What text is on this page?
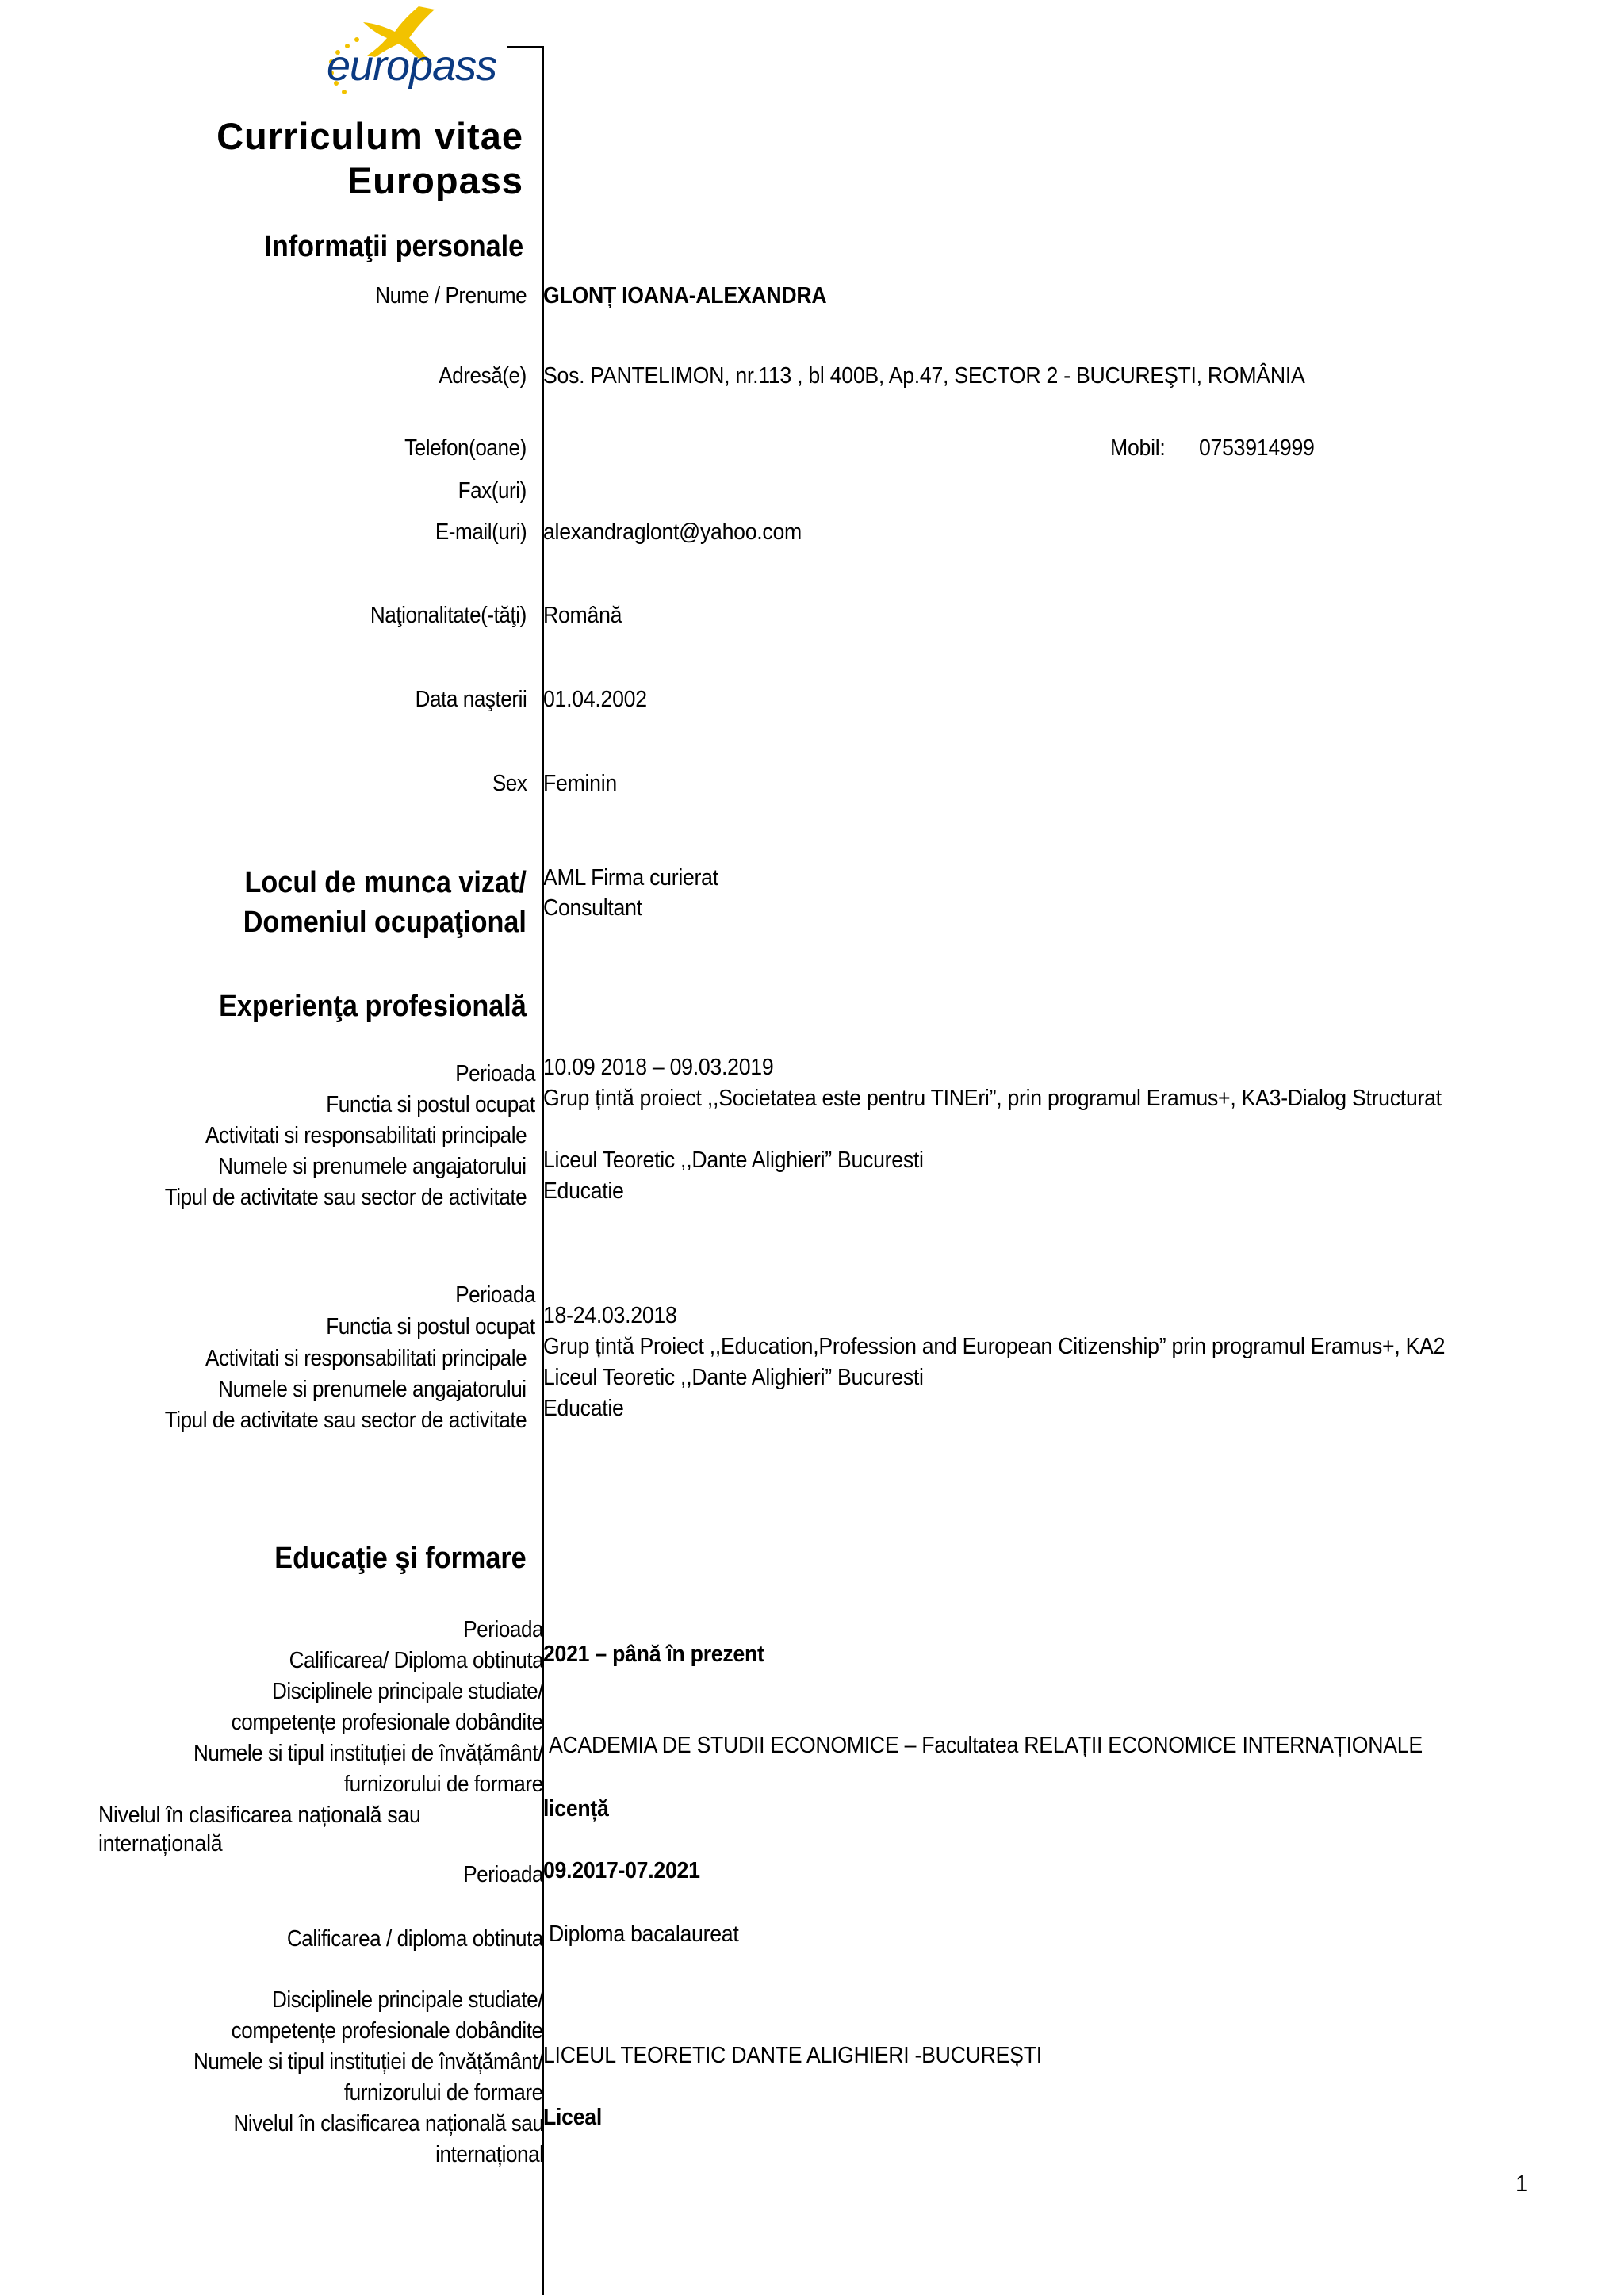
europass
Curriculum vitae
Europass
Informaţii personale
Nume / Prenume GLONȚ IOANA-ALEXANDRA
Adresă(e) Sos. PANTELIMON, nr.113 , bl 400B, Ap.47, SECTOR 2 - BUCUREŞTI, ROMÂNIA
Telefon(oane)	Mobil: 0753914999
Fax(uri)
E-mail(uri) alexandraglont@yahoo.com
Naţionalitate(-tăţi) Română
Data naşterii 01.04.2002
Sex Feminin
Locul de munca vizat/
Domeniul ocupaţional
AML Firma curierat
Consultant
Experienţa profesională
Perioada 10.09 2018 – 09.03.2019
Functia si postul ocupat Grup țintă proiect ,,Societatea este pentru TINEri”, prin programul Eramus+, KA3-Dialog Structurat
Activitati si responsabilitati principale
Numele si prenumele angajatorului Liceul Teoretic ,,Dante Alighieri” Bucuresti
Tipul de activitate sau sector de activitate Educatie
Perioada
18-24.03.2018
Functia si postul ocupat
Grup țintă Proiect ,,Education,Profession and European Citizenship” prin programul Eramus+, KA2
Activitati si responsabilitati principale
Numele si prenumele angajatorului Liceul Teoretic ,,Dante Alighieri” Bucuresti
Tipul de activitate sau sector de activitate Educatie
Educaţie şi formare
Perioada
Calificarea/ Diploma obtinuta 2021 – până în prezent
Disciplinele principale studiate/
competențe profesionale dobândite
Numele si tipul instituției de învățământ/ ACADEMIA DE STUDII ECONOMICE – Facultatea RELAȚII ECONOMICE INTERNAȚIONALE
furnizorului de formare
Nivelul în clasificarea națională sau	licență
internațională
Perioada 09.2017-07.2021
Calificarea / diploma obtinuta Diploma bacalaureat
Disciplinele principale studiate/
competențe profesionale dobândite
Numele si tipul instituției de învățământ/ LICEUL TEORETIC DANTE ALIGHIERI -BUCUREȘTI
furnizorului de formare
Nivelul în clasificarea națională sau Liceal
internațional
1
